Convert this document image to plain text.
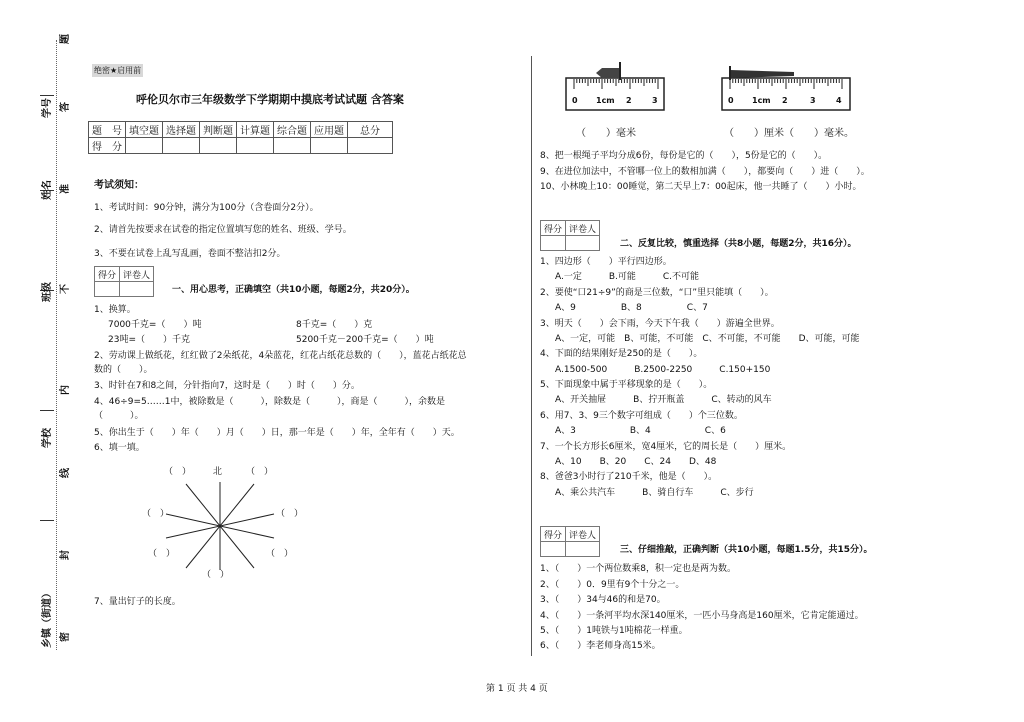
题
学号 答
姓名 准
班级 不
内
学校
线
封
乡镇（街道） 密
绝密★启用前
呼伦贝尔市三年级数学下学期期中摸底考试试题 含答案
题　号	填空题	选择题	判断题	计算题	综合题	应用题	总分
得　分							
考试须知：
1、考试时间：90分钟，满分为100分（含卷面分2分）。
2、请首先按要求在试卷的指定位置填写您的姓名、班级、学号。
3、不要在试卷上乱写乱画，卷面不整洁扣2分。
得分	评卷人

一、用心思考，正确填空（共10小题，每题2分，共20分）。
1、换算。
7000千克=（　　）吨	8千克=（　　）克
23吨=（　　）千克	5200千克－200千克=（　　）吨
2、劳动课上做纸花，红红做了2朵纸花，4朵蓝花，红花占纸花总数的（　　），蓝花占纸花总
数的（　　）。
3、时针在7和8之间，分针指向7，这时是（　　）时（　　）分。
4、46÷9=5……1中，被除数是（　　　），除数是（　　　），商是（　　　），余数是
（　　　）。
5、你出生于（　　）年（　　）月（　　）日，那一年是（　　）年，全年有（　　）天。
6、填一填。
（　） 北	（　）
（　）	（　）
（　）	（　）
（　）
7、量出钉子的长度。
0 1cm 2	3	0 1cm 2	3	4
（　　）毫米	（　　）厘米（　　）毫米。
8、把一根绳子平均分成6份，每份是它的（　　），5份是它的（　　）。
9、在进位加法中，不管哪一位上的数相加满（　　），都要向（　　）进（　　）。
10、小林晚上10：00睡觉，第二天早上7：00起床，他一共睡了（　　）小时。
得分	评卷人

二、反复比较，慎重选择（共8小题，每题2分，共16分）。
1、四边形（　　）平行四边形。
A.一定　　　B.可能　　　C.不可能
2、要使“口21÷9”的商是三位数，“口”里只能填（　　）。
A、9　　　　　B、8　　　　　C、7
3、明天（　　）会下雨，今天下午我（　　）游遍全世界。
A、一定，可能　B、可能，不可能　C、不可能，不可能　　D、可能，可能
4、下面的结果刚好是250的是（　　）。
A.1500-500　　　B.2500-2250　　　C.150+150
5、下面现象中属于平移现象的是（　　）。
A、开关抽屉　　　B、拧开瓶盖　　　C、转动的风车
6、用7、3、9三个数字可组成（　　）个三位数。
A、3　　　　　　B、4　　　　　　C、6
7、一个长方形长6厘米，宽4厘米，它的周长是（　　）厘米。
A、10　　B、20　　C、24　　D、48
8、爸爸3小时行了210千米，他是（　　）。
A、乘公共汽车　　　B、骑自行车　　　C、步行
得分	评卷人

三、仔细推敲，正确判断（共10小题，每题1.5分，共15分）。
1、（　　）一个两位数乘8，积一定也是两为数。
2、（　　）0．9里有9个十分之一。
3、（　　）34与46的和是70。
4、（　　）一条河平均水深140厘米，一匹小马身高是160厘米，它肯定能通过。
5、（　　）1吨铁与1吨棉花一样重。
6、（　　）李老师身高15米。
第 1 页 共 4 页
